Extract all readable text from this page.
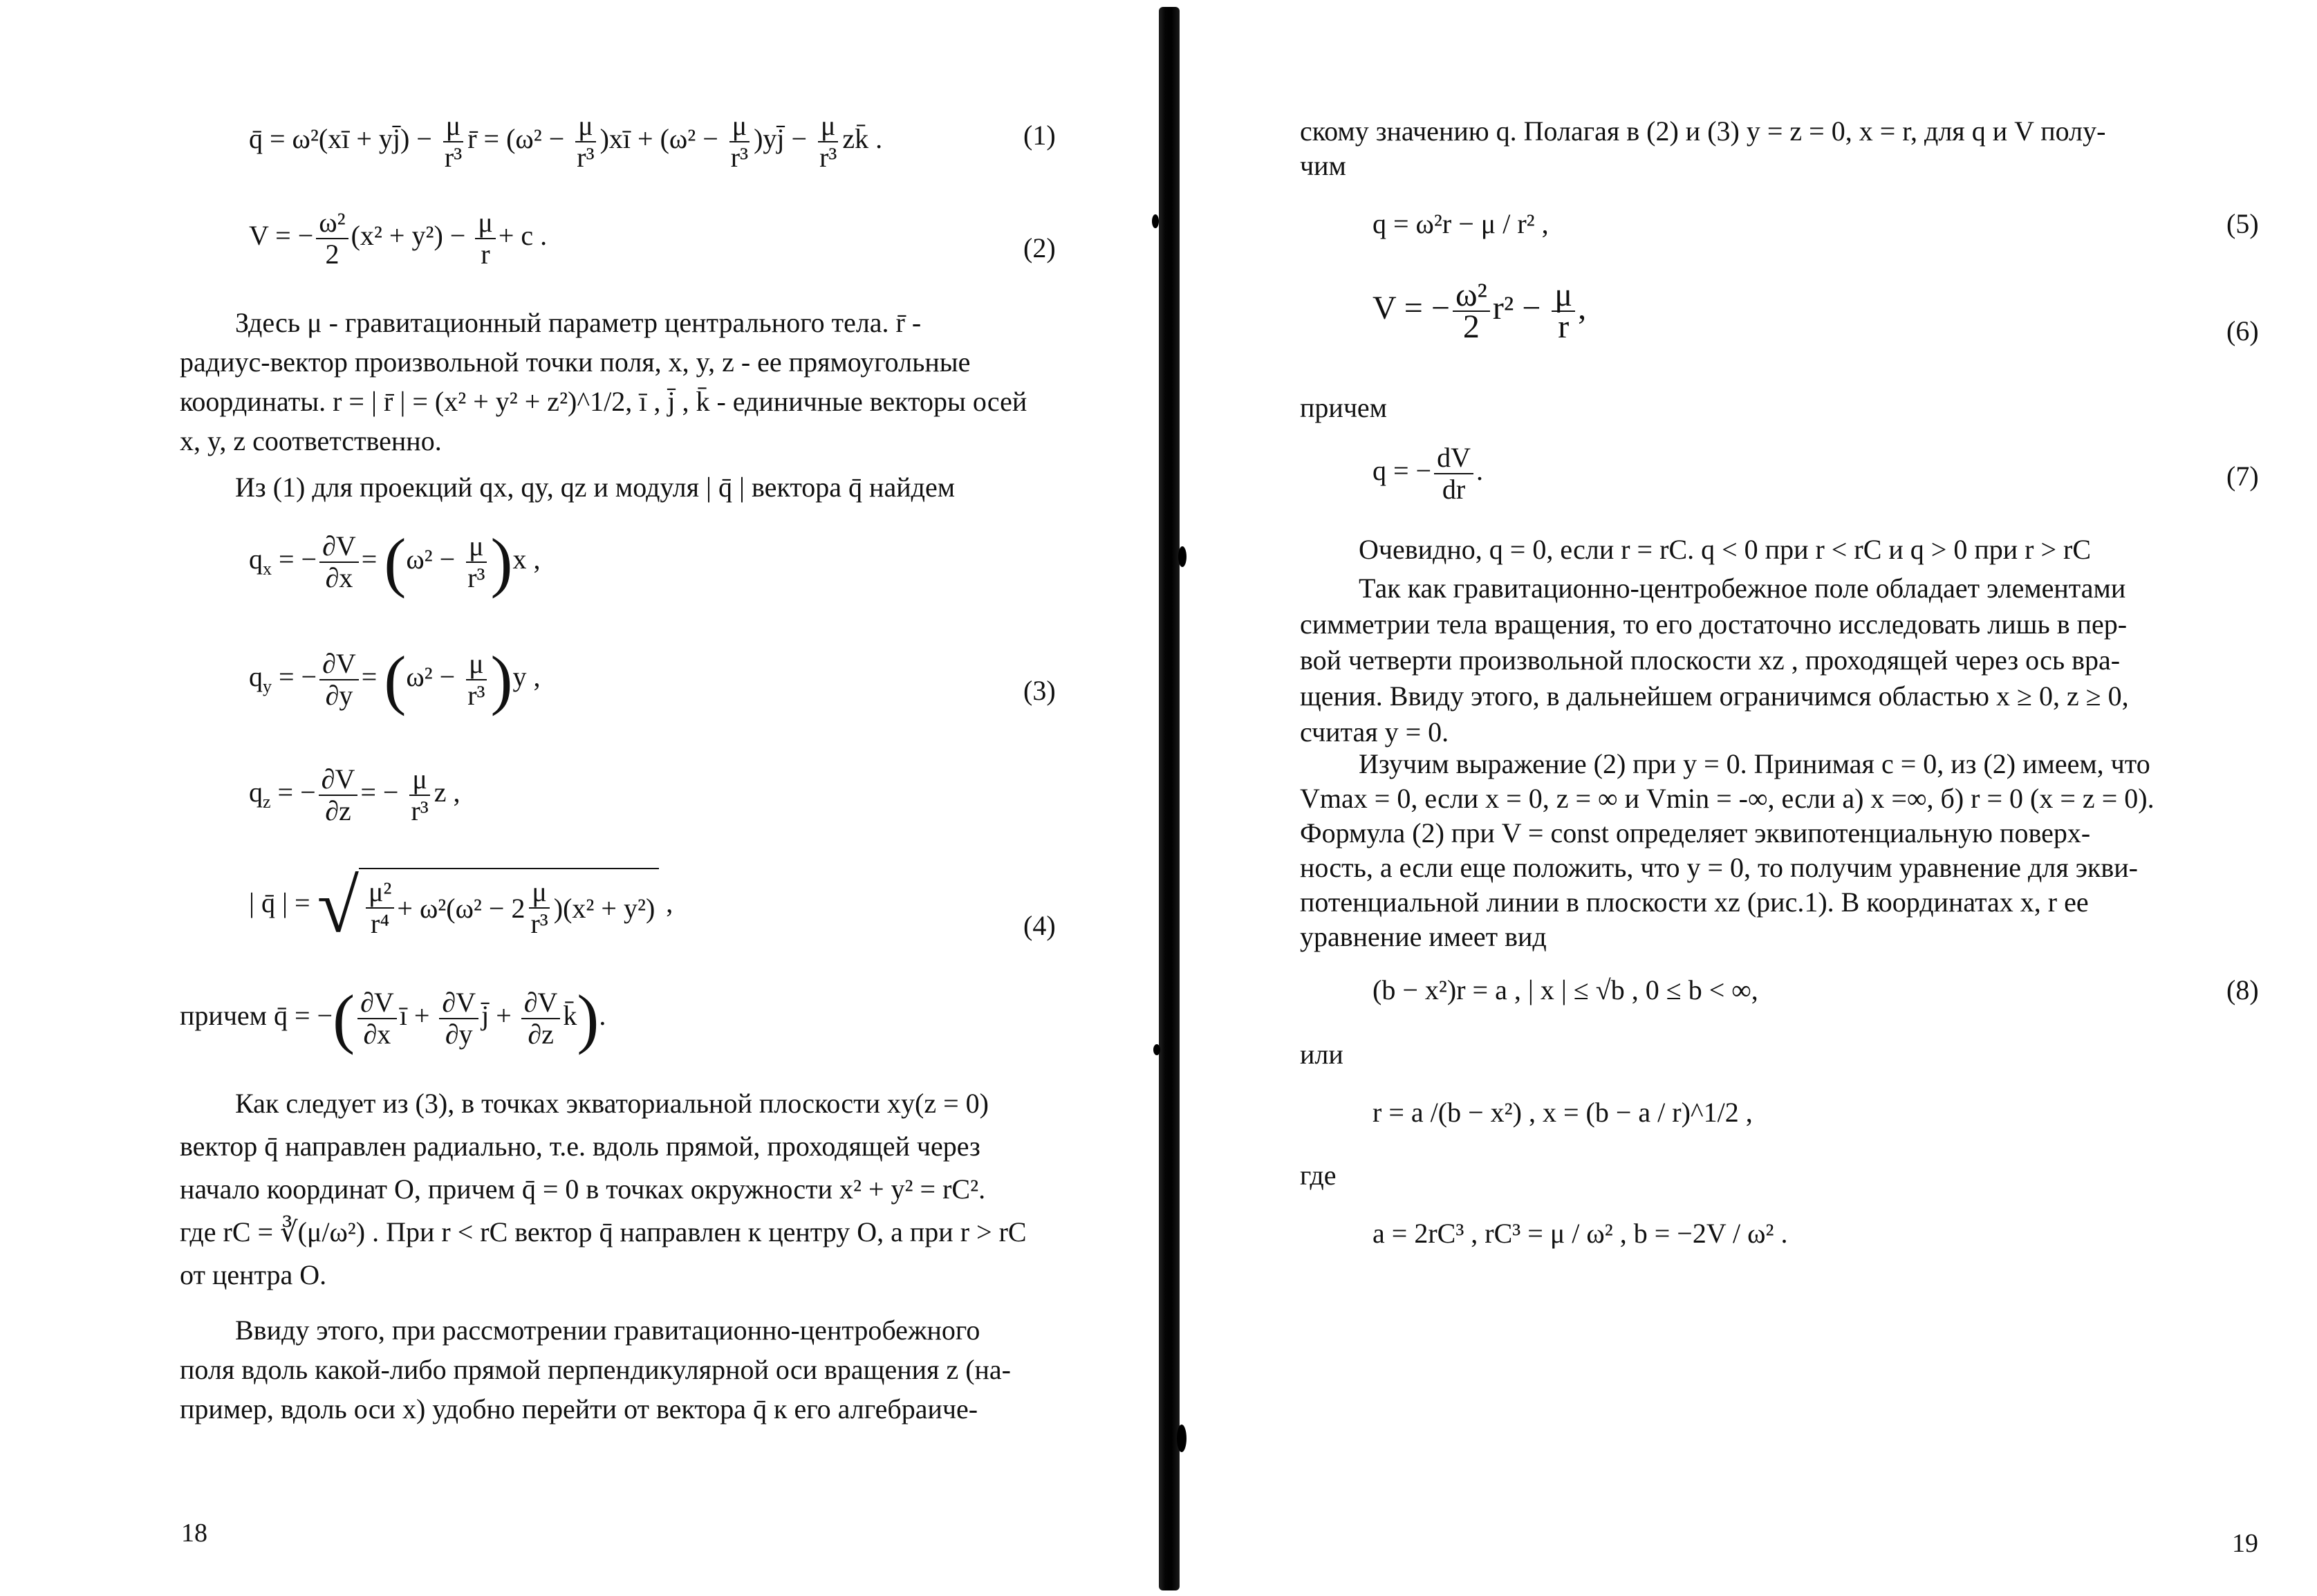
q̄ = ω²(xī + yj̄) − $\frac{\mu}{\text{r³}}$ r̄ = ($\omega^2 - \frac{\mu}{\text{r³}}$ )xī + ($\omega^2 - \frac{\mu}{\text{r³}}$ )yj̄ − $\frac{\mu}{\text{r³}}$ zk̄ .	(1)
V = − $\frac{\text{ω²}}{2} (x^2 + y^2) - \frac{\mu}{r} + c$ .	(2)

Здесь μ - гравитационный параметр центрального тела. r̄ -

радиус-вектор произвольной точки поля, x, y, z - ее прямоугольные

координаты. r = | r̄ | = (x² + y² + z²)^1/2, ī , j̄ , k̄ - единичные векторы осей

x, y, z соответственно.

Из (1) для проекций qx, qy, qz и модуля | q̄ | вектора q̄ найдем
$q_x$ = − $\frac{\partial V}{\partial x} = (\omega^2 - \frac{\mu}{\text{r³}} )x$ ,
$q_y$ = − $\frac{\partial V}{\partial y} = (\omega^2 - \frac{\mu}{\text{r³}} )y$ ,	(3)
$q_z$ = − $\frac{\partial V}{\partial z}$ = − $\frac{\mu}{\text{r³}}$ z ,
| q̄ | = √ $\frac{\text{μ²}}{\text{r⁴}} + \omega^2(\omega^2 - 2 \frac{\mu}{\text{r³}} )(x^2 + y^2)$ ,
(4)
причем q̄ = −( $\frac{\partial V}{\partial x}$ ī + $\frac{\partial V}{\partial y}$ j̄ + $\frac{\partial V}{\partial z}$ k̄).

Как следует из (3), в точках экваториальной плоскости xy(z = 0)

вектор q̄ направлен радиально, т.е. вдоль прямой, проходящей через

начало координат O, причем q̄ = 0 в точках окружности x² + y² = rC².

где rC = ∛(μ/ω²) . При r < rC вектор q̄ направлен к центру O, а при r > rC

от центра O.

Ввиду этого, при рассмотрении гравитационно-центробежного

поля вдоль какой-либо прямой перпендикулярной оси вращения z (на-

пример, вдоль оси x) удобно перейти от вектора q̄ к его алгебраиче-

18

скому значению q. Полагая в (2) и (3) y = z = 0, x = r, для q и V полу-

чим

q = ω²r − μ / r² ,	(5)
V = − $\frac{\text{ω²}}{2} r^2 - \frac{\mu}{r}$ ,
(6)
причем
q = − $\frac{dV}{dr}$ .	(7)
Очевидно, q = 0, если r = rC. q < 0 при r < rC и q > 0 при r > rC

Так как гравитационно-центробежное поле обладает элементами

симметрии тела вращения, то его достаточно исследовать лишь в пер-

вой четверти произвольной плоскости xz , проходящей через ось вра-

щения. Ввиду этого, в дальнейшем ограничимся областью x ≥ 0, z ≥ 0,

считая y = 0.

Изучим выражение (2) при y = 0. Принимая c = 0, из (2) имеем, что

Vmax = 0, если x = 0, z = ∞ и Vmin = -∞, если а) x =∞, б) r = 0 (x = z = 0).

Формула (2) при V = const определяет эквипотенциальную поверх-

ность, а если еще положить, что y = 0, то получим уравнение для экви-

потенциальной линии в плоскости xz (рис.1). В координатах x, r ее

уравнение имеет вид

(b − x²)r = a , | x | ≤ √b , 0 ≤ b < ∞,	(8)
или
r = a /(b − x²) , x = (b − a / r)^1/2 ,
где
a = 2rC³ , rC³ = μ / ω² , b = −2V / ω² .
19
